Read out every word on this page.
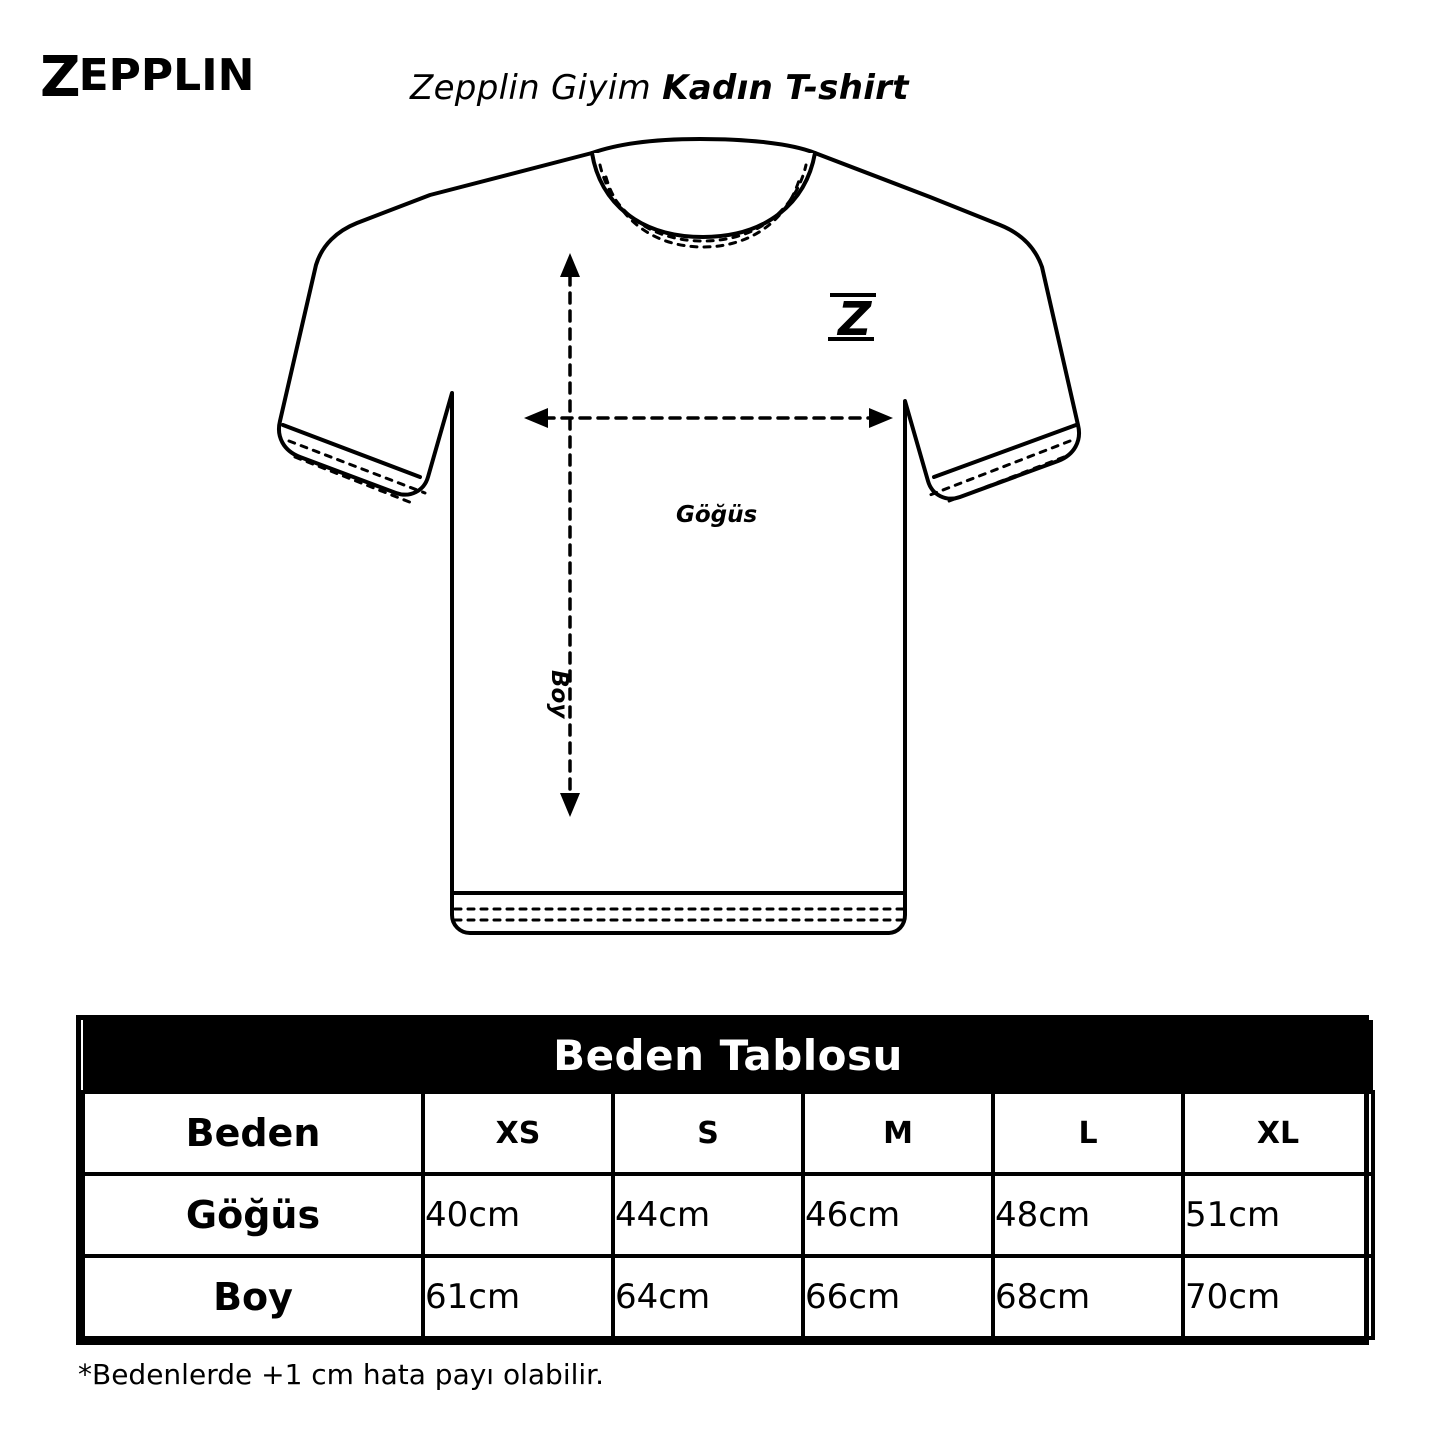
Z EPPLIN	Zepplin Giyim Kadın T-shirt
Z
Göğüs
Boy
Beden Tablosu					
Beden	XS	S	M	L	XL
Göğüs	40cm	44cm	46cm	48cm	51cm
Boy	61cm	64cm	66cm	68cm	70cm
*Bedenlerde +1 cm hata payı olabilir.
